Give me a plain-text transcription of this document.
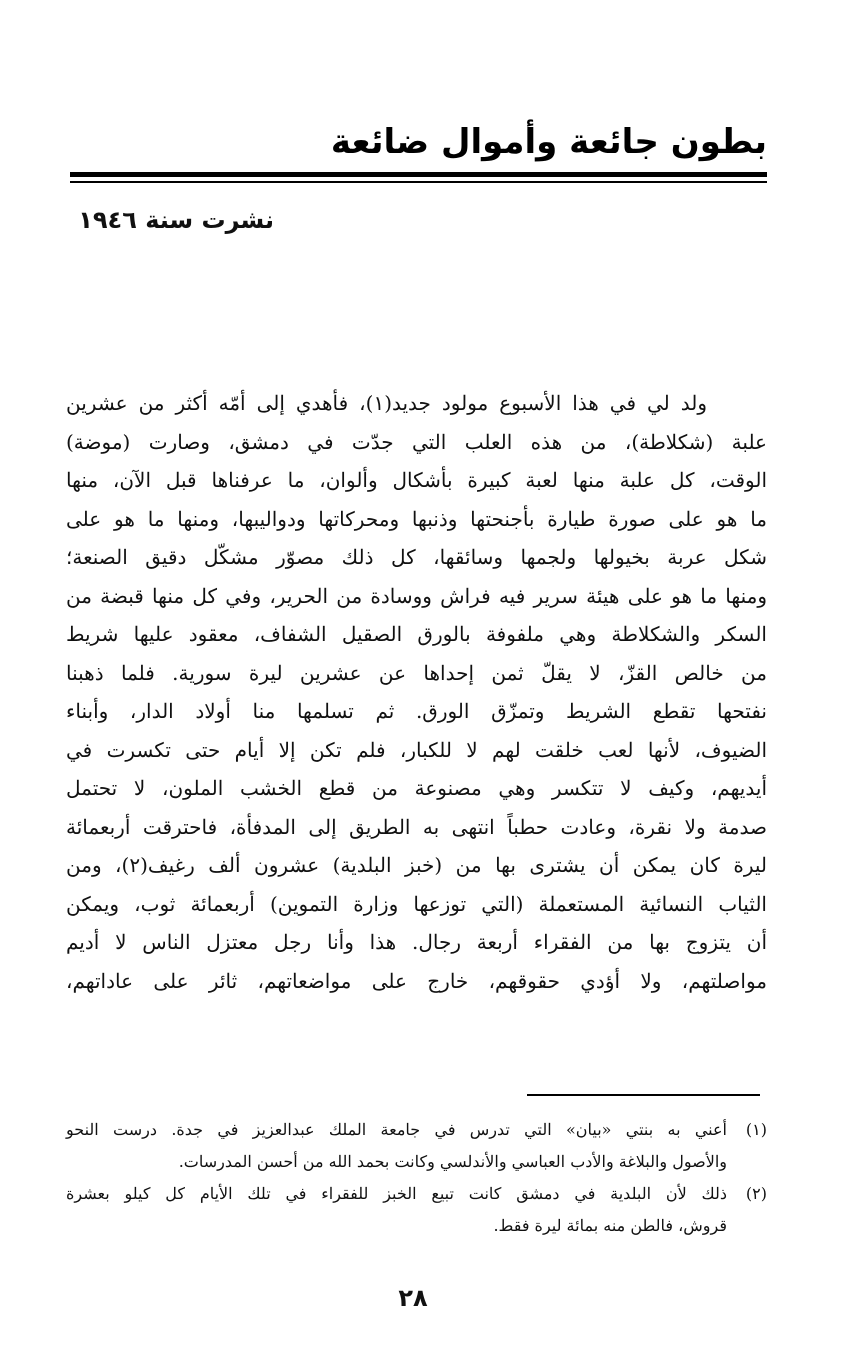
بطون جائعة وأموال ضائعة
نشرت سنة ١٩٤٦
ولد لي في هذا الأسبوع مولود جديد(١)، فأهدي إلى أمّه أكثر من عشرين
علبة (شكلاطة)، من هذه العلب التي جدّت في دمشق، وصارت (موضة)
الوقت، كل علبة منها لعبة كبيرة بأشكال وألوان، ما عرفناها قبل الآن، منها
ما هو على صورة طيارة بأجنحتها وذنبها ومحركاتها ودواليبها، ومنها ما هو على
شكل عربة بخيولها ولجمها وسائقها، كل ذلك مصوّر مشكّل دقيق الصنعة؛
ومنها ما هو على هيئة سرير فيه فراش ووسادة من الحرير، وفي كل منها قبضة من
السكر والشكلاطة وهي ملفوفة بالورق الصقيل الشفاف، معقود عليها شريط
من خالص القزّ، لا يقلّ ثمن إحداها عن عشرين ليرة سورية. فلما ذهبنا
نفتحها تقطع الشريط وتمزّق الورق. ثم تسلمها منا أولاد الدار، وأبناء
الضيوف، لأنها لعب خلقت لهم لا للكبار، فلم تكن إلا أيام حتى تكسرت في
أيديهم، وكيف لا تتكسر وهي مصنوعة من قطع الخشب الملون، لا تحتمل
صدمة ولا نقرة، وعادت حطباً انتهى به الطريق إلى المدفأة، فاحترقت أربعمائة
ليرة كان يمكن أن يشترى بها من (خبز البلدية) عشرون ألف رغيف(٢)، ومن
الثياب النسائية المستعملة (التي توزعها وزارة التموين) أربعمائة ثوب، ويمكن
أن يتزوج بها من الفقراء أربعة رجال. هذا وأنا رجل معتزل الناس لا أديم
مواصلتهم، ولا أؤدي حقوقهم، خارج على مواضعاتهم، ثائر على عاداتهم،
(١)
أعني به بنتي «بيان» التي تدرس في جامعة الملك عبدالعزيز في جدة. درست النحو
والأصول والبلاغة والأدب العباسي والأندلسي وكانت بحمد الله من أحسن المدرسات.
(٢)
ذلك لأن البلدية في دمشق كانت تبيع الخبز للفقراء في تلك الأيام كل كيلو بعشرة
قروش، فالطن منه بمائة ليرة فقط.
٢٨
